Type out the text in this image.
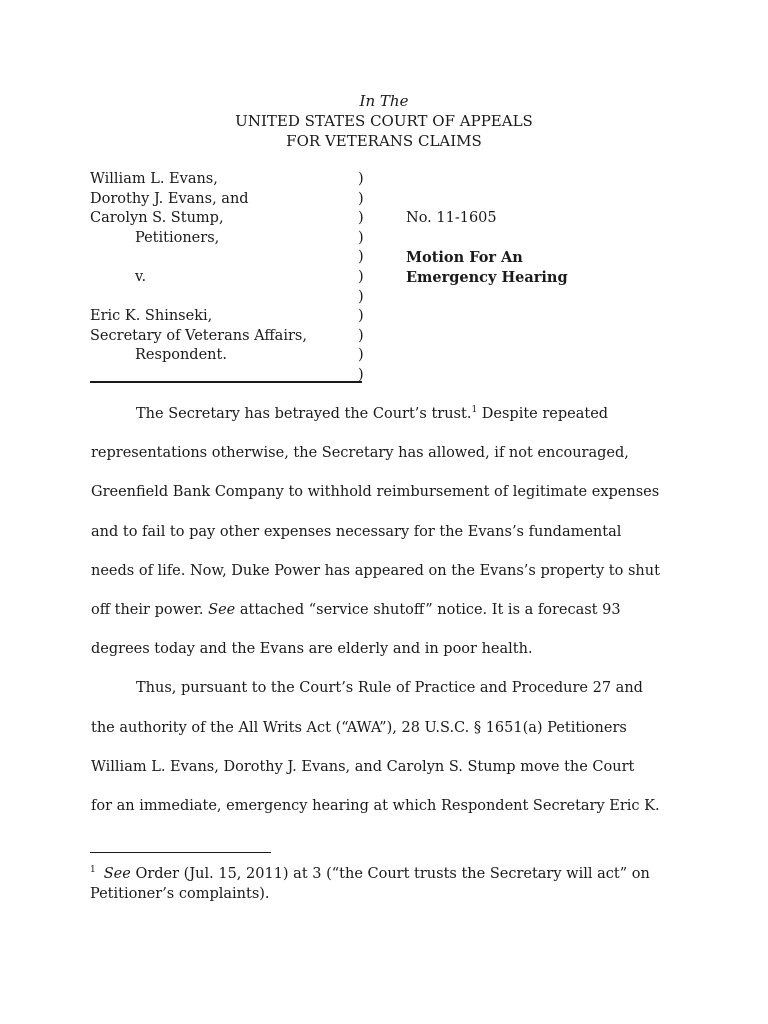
In The
UNITED STATES COURT OF APPEALS
FOR VETERANS CLAIMS
William L. Evans,
Dorothy J. Evans, and
Carolyn S. Stump,
Petitioners,

v.

Eric K. Shinseki,
Secretary of Veterans Affairs,
Respondent.
)
)
)
)
)
)
)
)
)
)
)
No. 11-1605
Motion For An
Emergency Hearing
The Secretary has betrayed the Court’s trust.$^1$ Despite repeated
representations otherwise, the Secretary has allowed, if not encouraged,
Greenfield Bank Company to withhold reimbursement of legitimate expenses
and to fail to pay other expenses necessary for the Evans’s fundamental
needs of life. Now, Duke Power has appeared on the Evans’s property to shut
off their power. See attached “service shutoff” notice. It is a forecast 93
degrees today and the Evans are elderly and in poor health.
Thus, pursuant to the Court’s Rule of Practice and Procedure 27 and
the authority of the All Writs Act (“AWA”), 28 U.S.C. § 1651(a) Petitioners
William L. Evans, Dorothy J. Evans, and Carolyn S. Stump move the Court
for an immediate, emergency hearing at which Respondent Secretary Eric K.
$^1$ See Order (Jul. 15, 2011) at 3 (“the Court trusts the Secretary will act” on
Petitioner’s complaints).
